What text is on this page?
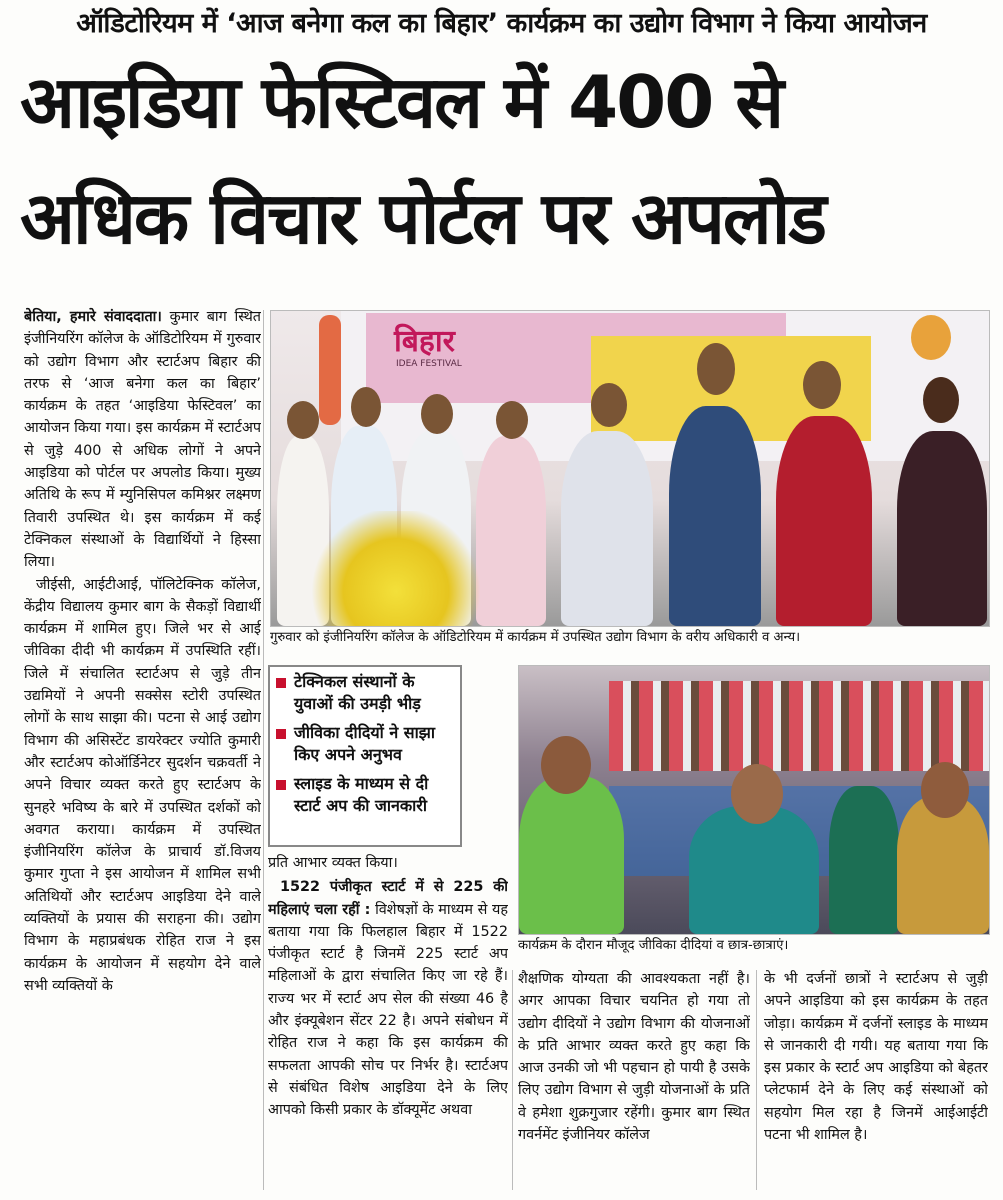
ऑडिटोरियम में ‘आज बनेगा कल का बिहार’ कार्यक्रम का उद्योग विभाग ने किया आयोजन
आइडिया फेस्टिवल में 400 से
अधिक विचार पोर्टल पर अपलोड

बेतिया, हमारे संवाददाता। कुमार बाग स्थित इंजीनियरिंग कॉलेज के ऑडिटोरियम में गुरुवार को उद्योग विभाग और स्टार्टअप बिहार की तरफ से ‘आज बनेगा कल का बिहार’ कार्यक्रम के तहत ‘आइडिया फेस्टिवल’ का आयोजन किया गया। इस कार्यक्रम में स्टार्टअप से जुड़े 400 से अधिक लोगों ने अपने आइडिया को पोर्टल पर अपलोड किया। मुख्य अतिथि के रूप में म्युनिसिपल कमिश्नर लक्ष्मण तिवारी उपस्थित थे। इस कार्यक्रम में कई टेक्निकल संस्थाओं के विद्यार्थियों ने हिस्सा लिया।

जीईसी, आईटीआई, पॉलिटेक्निक कॉलेज, केंद्रीय विद्यालय कुमार बाग के सैकड़ों विद्यार्थी कार्यक्रम में शामिल हुए। जिले भर से आई जीविका दीदी भी कार्यक्रम में उपस्थिति रहीं। जिले में संचालित स्टार्टअप से जुड़े तीन उद्यमियों ने अपनी सक्सेस स्टोरी उपस्थित लोगों के साथ साझा की। पटना से आई उद्योग विभाग की असिस्टेंट डायरेक्टर ज्योति कुमारी और स्टार्टअप कोऑर्डिनेटर सुदर्शन चक्रवर्ती ने अपने विचार व्यक्त करते हुए स्टार्टअप के सुनहरे भविष्य के बारे में उपस्थित दर्शकों को अवगत कराया। कार्यक्रम में उपस्थित इंजीनियरिंग कॉलेज के प्राचार्य डॉ.विजय कुमार गुप्ता ने इस आयोजन में शामिल सभी अतिथियों और स्टार्टअप आइडिया देने वाले व्यक्तियों के प्रयास की सराहना की। उद्योग विभाग के महाप्रबंधक रोहित राज ने इस कार्यक्रम के आयोजन में सहयोग देने वाले सभी व्यक्तियों के

बिहार
IDEA FESTIVAL
गुरुवार को इंजीनियरिंग कॉलेज के ऑडिटोरियम में कार्यक्रम में उपस्थित उद्योग विभाग के वरीय अधिकारी व अन्य।
टेक्निकल संस्थानों के युवाओं की उमड़ी भीड़
जीविका दीदियों ने साझा किए अपने अनुभव
स्लाइड के माध्यम से दी स्टार्ट अप की जानकारी

प्रति आभार व्यक्त किया।

1522 पंजीकृत स्टार्ट में से 225 की महिलाएं चला रहीं : विशेषज्ञों के माध्यम से यह बताया गया कि फिलहाल बिहार में 1522 पंजीकृत स्टार्ट है जिनमें 225 स्टार्ट अप महिलाओं के द्वारा संचालित किए जा रहे हैं। राज्य भर में स्टार्ट अप सेल की संख्या 46 है और इंक्यूबेशन सेंटर 22 है। अपने संबोधन में रोहित राज ने कहा कि इस कार्यक्रम की सफलता आपकी सोच पर निर्भर है। स्टार्टअप से संबंधित विशेष आइडिया देने के लिए आपको किसी प्रकार के डॉक्यूमेंट अथवा

कार्यक्रम के दौरान मौजूद जीविका दीदियां व छात्र-छात्राएं।

शैक्षणिक योग्यता की आवश्यकता नहीं है। अगर आपका विचार चयनित हो गया तो उद्योग दीदियों ने उद्योग विभाग की योजनाओं के प्रति आभार व्यक्त करते हुए कहा कि आज उनकी जो भी पहचान हो पायी है उसके लिए उद्योग विभाग से जुड़ी योजनाओं के प्रति वे हमेशा शुक्रगुजार रहेंगी। कुमार बाग स्थित गवर्नमेंट इंजीनियर कॉलेज

के भी दर्जनों छात्रों ने स्टार्टअप से जुड़ी अपने आइडिया को इस कार्यक्रम के तहत जोड़ा। कार्यक्रम में दर्जनों स्लाइड के माध्यम से जानकारी दी गयी। यह बताया गया कि इस प्रकार के स्टार्ट अप आइडिया को बेहतर प्लेटफार्म देने के लिए कई संस्थाओं को सहयोग मिल रहा है जिनमें आईआईटी पटना भी शामिल है।
